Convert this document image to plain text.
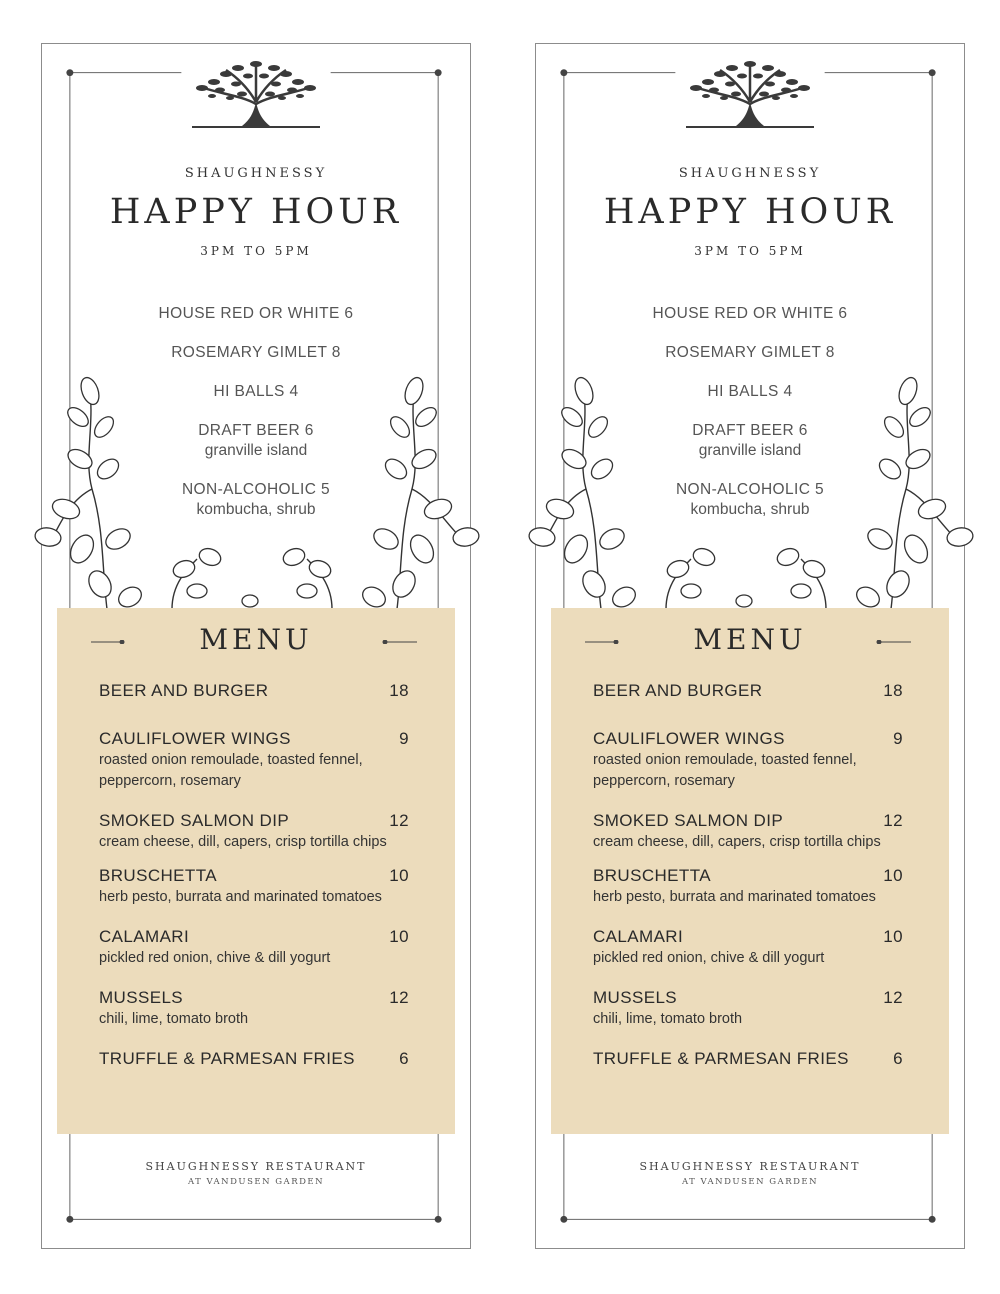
SHAUGHNESSY
HAPPY HOUR
3PM TO 5PM
HOUSE RED OR WHITE 6
ROSEMARY GIMLET 8
HI BALLS 4
DRAFT BEER 6
granville island
NON-ALCOHOLIC 5
kombucha, shrub
MENU
BEER AND BURGER	18
CAULIFLOWER WINGS	9
roasted onion remoulade, toasted fennel, peppercorn, rosemary
SMOKED SALMON DIP	12
cream cheese, dill, capers, crisp tortilla chips
BRUSCHETTA	10
herb pesto, burrata and marinated tomatoes
CALAMARI	10
pickled red onion, chive & dill yogurt
MUSSELS	12
chili, lime, tomato broth
TRUFFLE & PARMESAN FRIES	6
SHAUGHNESSY RESTAURANT
AT VANDUSEN GARDEN
SHAUGHNESSY
HAPPY HOUR
3PM TO 5PM
HOUSE RED OR WHITE 6
ROSEMARY GIMLET 8
HI BALLS 4
DRAFT BEER 6
granville island
NON-ALCOHOLIC 5
kombucha, shrub
MENU
BEER AND BURGER	18
CAULIFLOWER WINGS	9
roasted onion remoulade, toasted fennel, peppercorn, rosemary
SMOKED SALMON DIP	12
cream cheese, dill, capers, crisp tortilla chips
BRUSCHETTA	10
herb pesto, burrata and marinated tomatoes
CALAMARI	10
pickled red onion, chive & dill yogurt
MUSSELS	12
chili, lime, tomato broth
TRUFFLE & PARMESAN FRIES	6
SHAUGHNESSY RESTAURANT
AT VANDUSEN GARDEN
